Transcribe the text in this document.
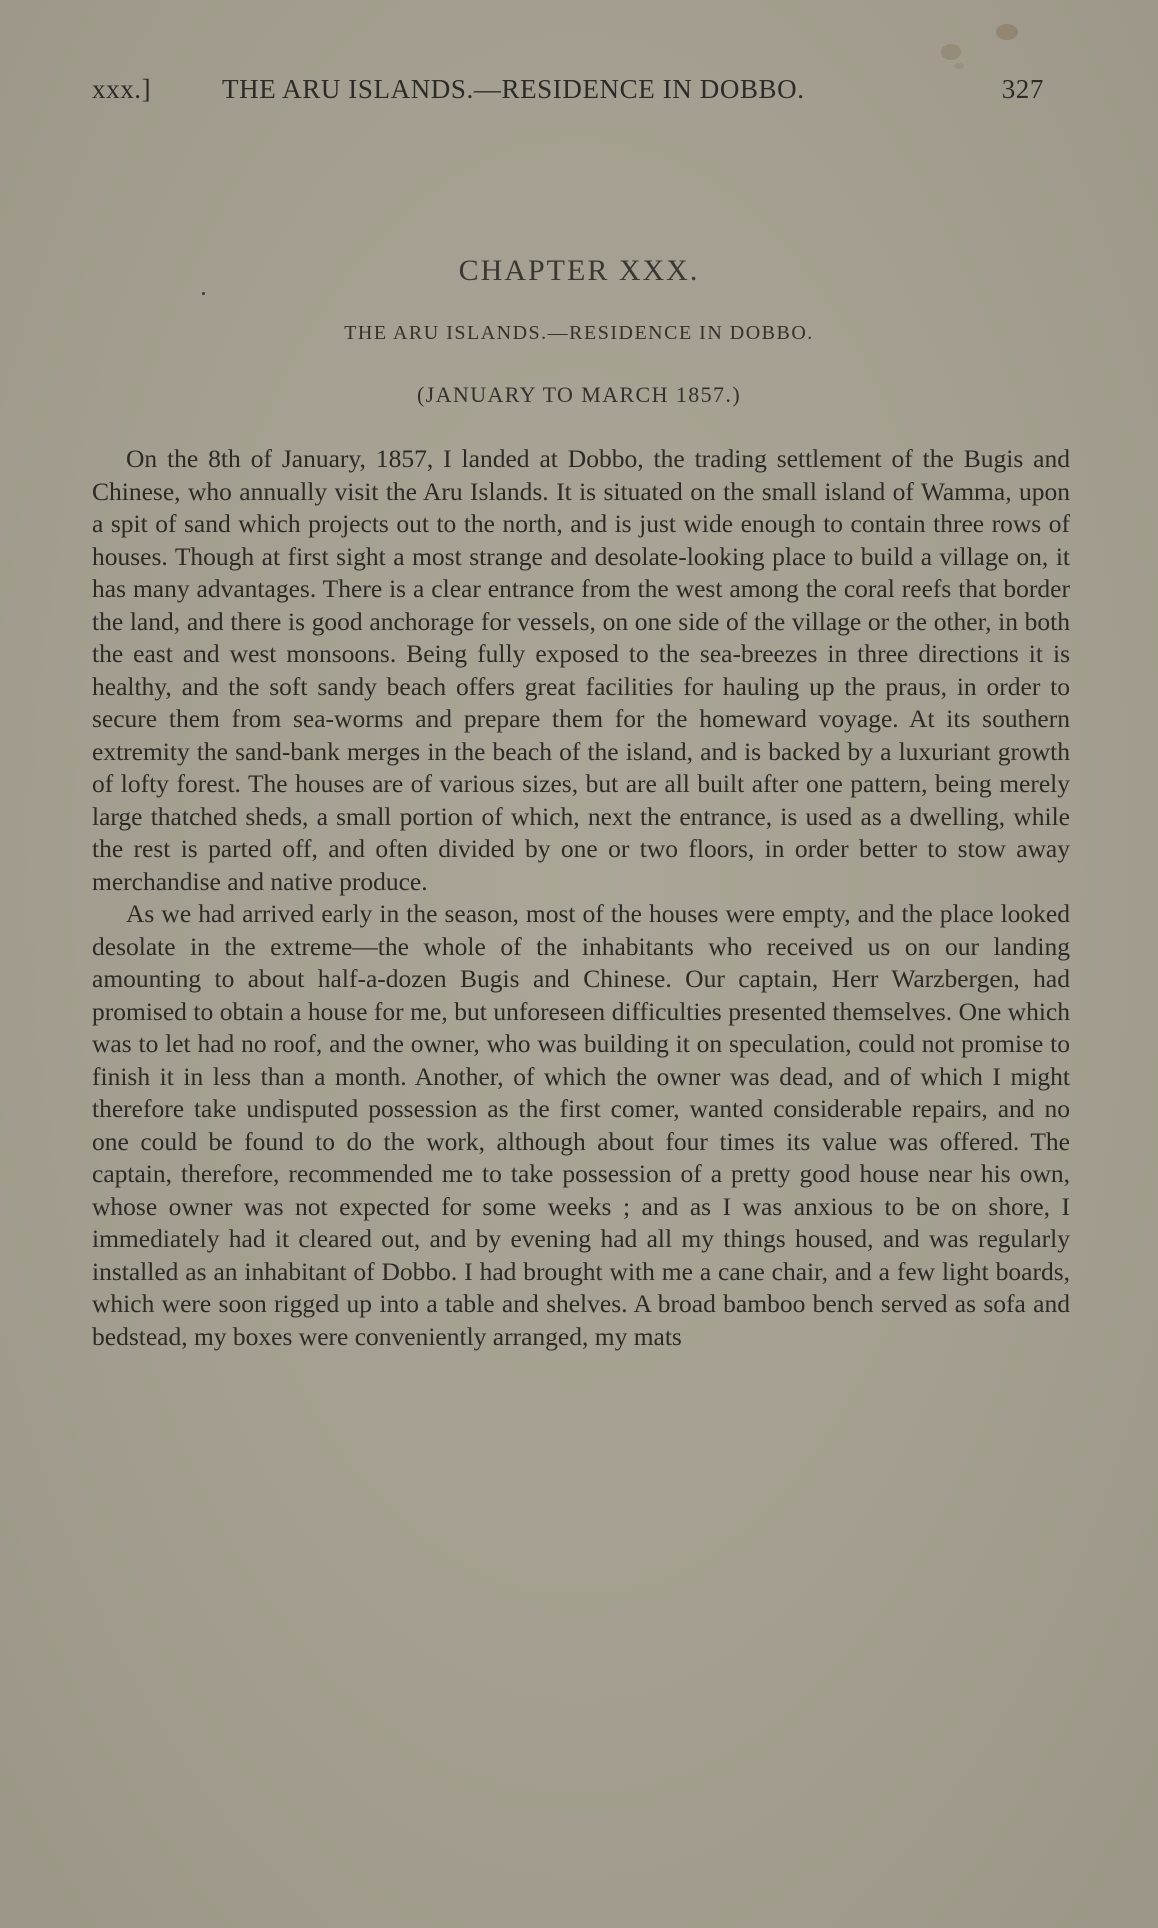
xxx.]	THE ARU ISLANDS.—RESIDENCE IN DOBBO.	327
CHAPTER XXX.
THE ARU ISLANDS.—RESIDENCE IN DOBBO.
(JANUARY TO MARCH 1857.)

On the 8th of January, 1857, I landed at Dobbo, the trading settlement of the Bugis and Chinese, who annually visit the Aru Islands. It is situated on the small island of Wamma, upon a spit of sand which projects out to the north, and is just wide enough to contain three rows of houses. Though at first sight a most strange and desolate-looking place to build a village on, it has many advantages. There is a clear entrance from the west among the coral reefs that border the land, and there is good anchorage for vessels, on one side of the village or the other, in both the east and west monsoons. Being fully exposed to the sea-breezes in three directions it is healthy, and the soft sandy beach offers great facilities for hauling up the praus, in order to secure them from sea-worms and prepare them for the homeward voyage. At its southern extremity the sand-bank merges in the beach of the island, and is backed by a luxuriant growth of lofty forest. The houses are of various sizes, but are all built after one pattern, being merely large thatched sheds, a small portion of which, next the entrance, is used as a dwelling, while the rest is parted off, and often divided by one or two floors, in order better to stow away merchandise and native produce.

As we had arrived early in the season, most of the houses were empty, and the place looked desolate in the extreme—the whole of the inhabitants who received us on our landing amounting to about half-a-dozen Bugis and Chinese. Our captain, Herr Warzbergen, had promised to obtain a house for me, but unforeseen difficulties presented themselves. One which was to let had no roof, and the owner, who was building it on speculation, could not promise to finish it in less than a month. Another, of which the owner was dead, and of which I might therefore take undisputed possession as the first comer, wanted considerable repairs, and no one could be found to do the work, although about four times its value was offered. The captain, therefore, recommended me to take possession of a pretty good house near his own, whose owner was not expected for some weeks ; and as I was anxious to be on shore, I immediately had it cleared out, and by evening had all my things housed, and was regularly installed as an inhabitant of Dobbo. I had brought with me a cane chair, and a few light boards, which were soon rigged up into a table and shelves. A broad bamboo bench served as sofa and bedstead, my boxes were conveniently arranged, my mats
